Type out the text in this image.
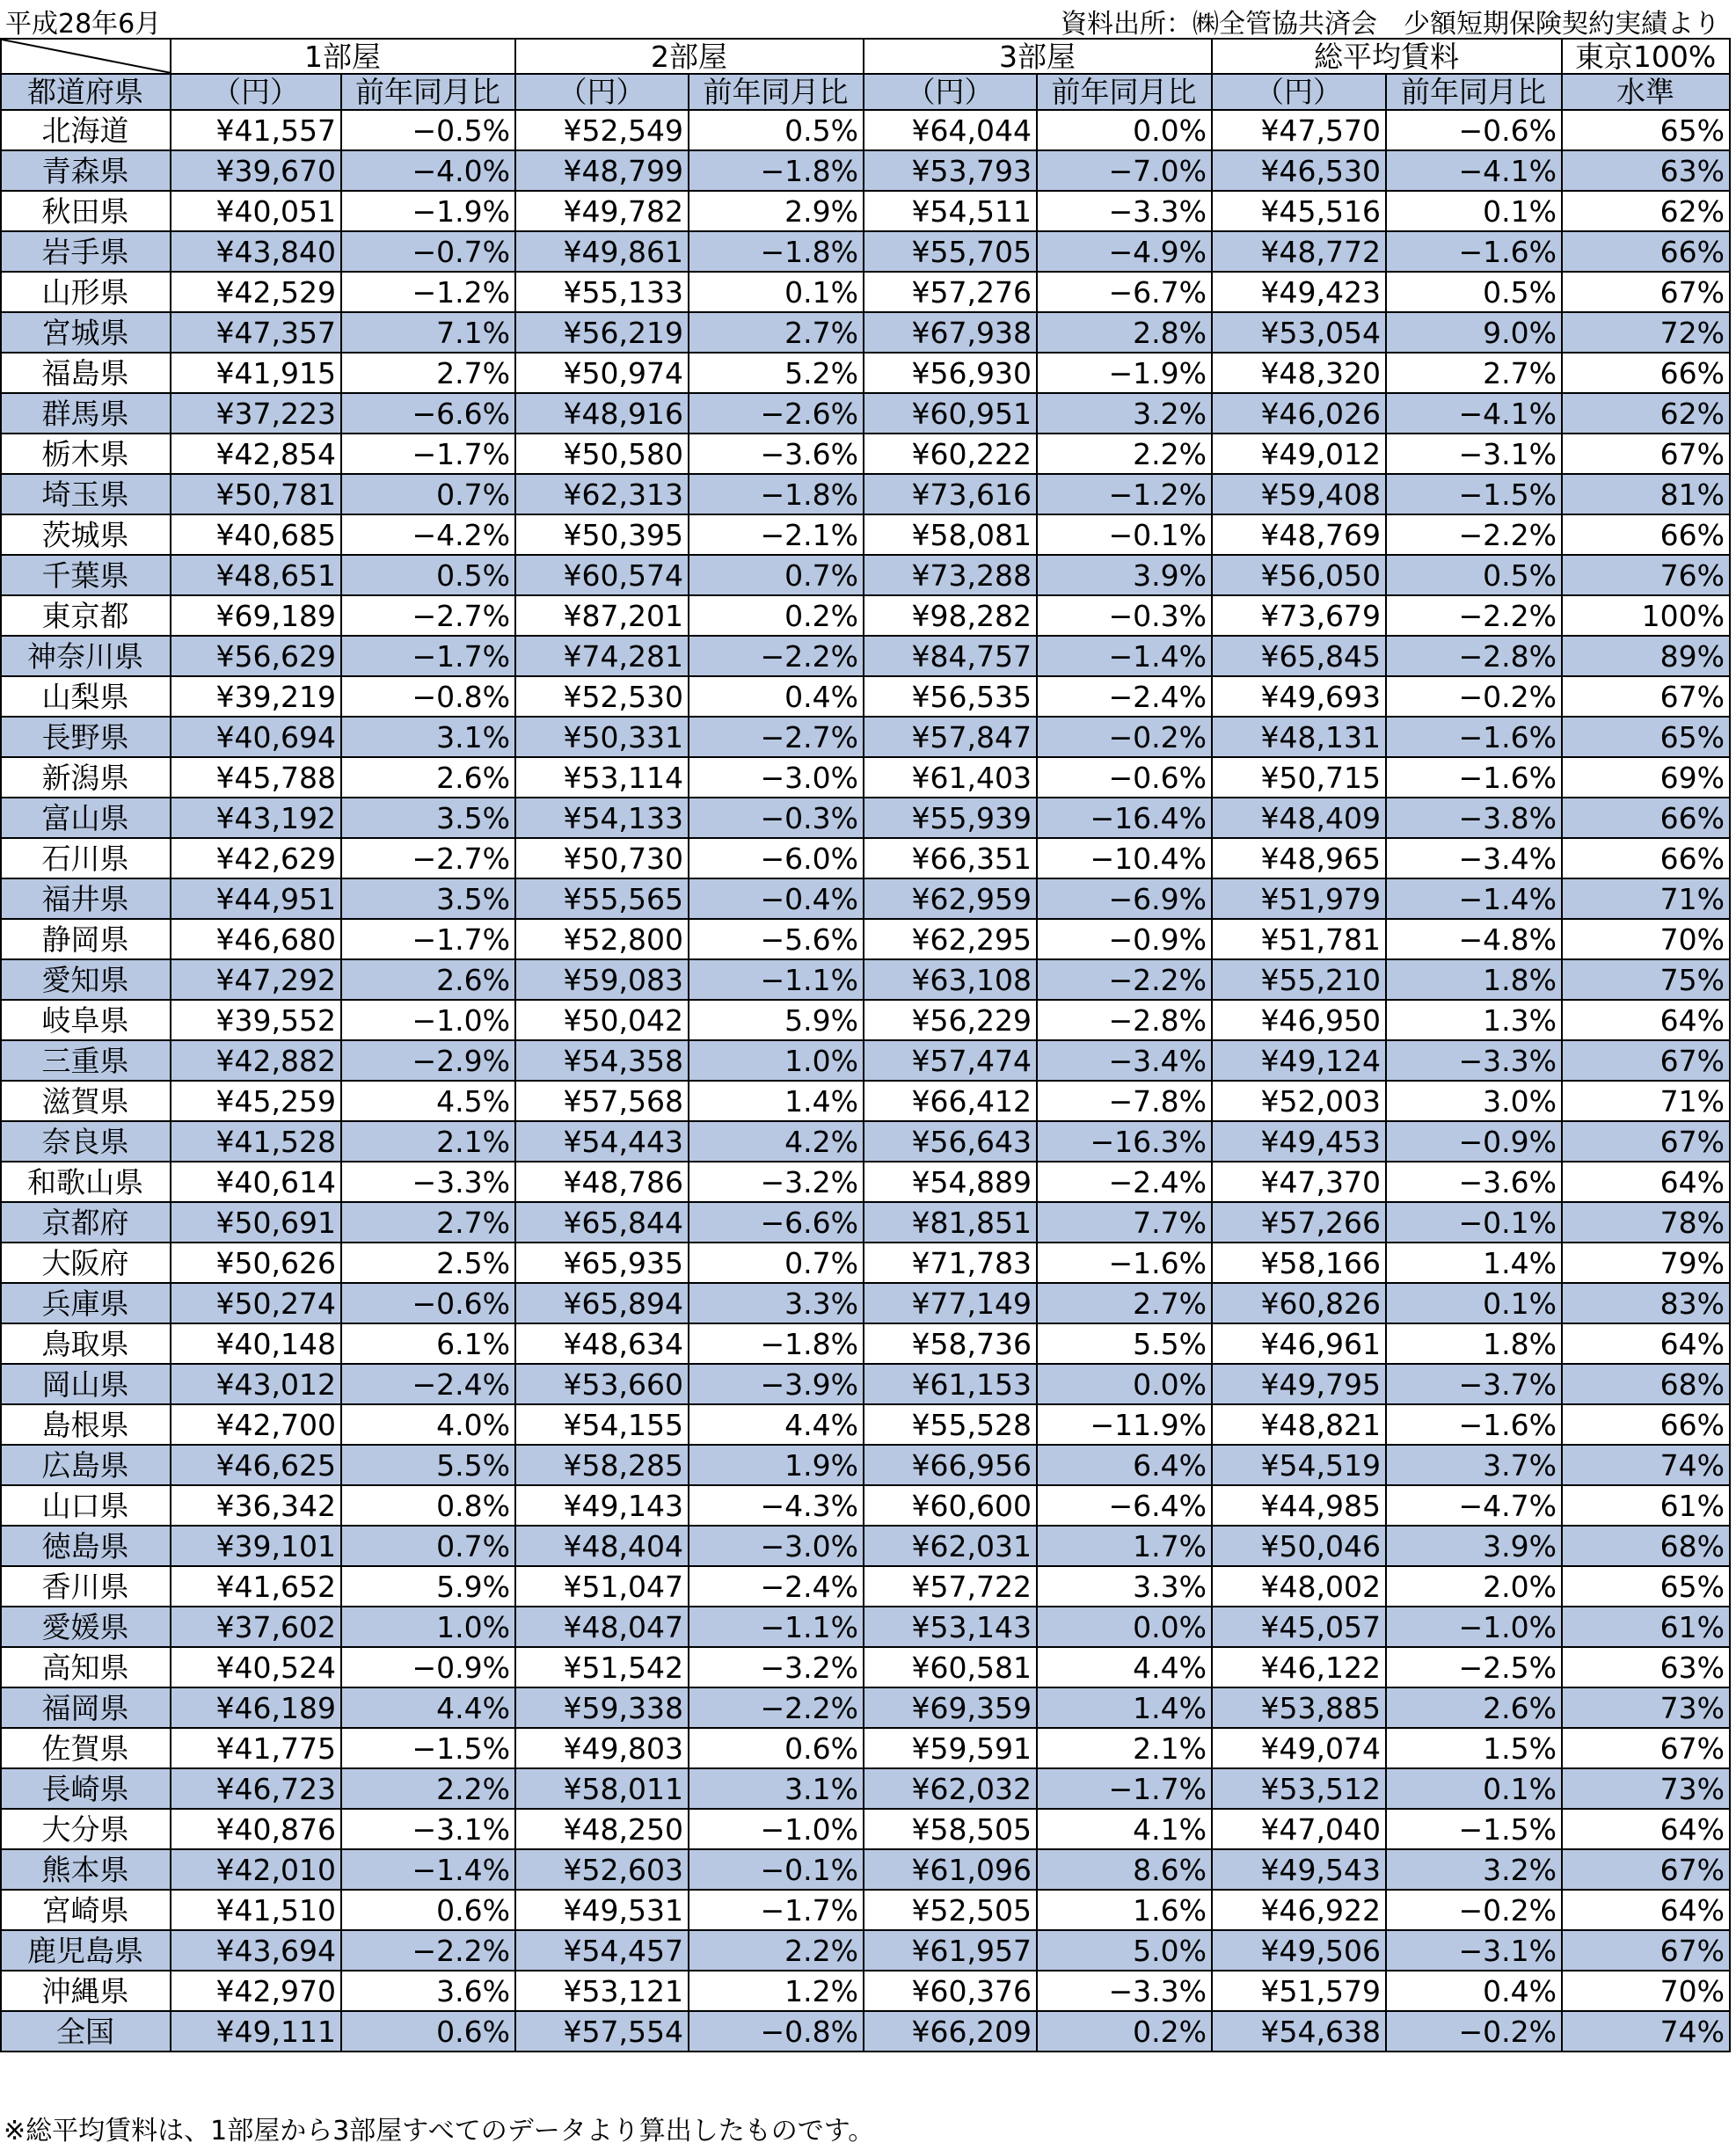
平成28年6月	資料出所：㈱全管協共済会　少額短期保険契約実績より
	1部屋		2部屋		3部屋		総平均賃料		東京100%
都道府県	（円）	前年同月比	（円）	前年同月比	（円）	前年同月比	（円）	前年同月比	水準
北海道	¥41,557	−0.5%	¥52,549	0.5%	¥64,044	0.0%	¥47,570	−0.6%	65%
青森県	¥39,670	−4.0%	¥48,799	−1.8%	¥53,793	−7.0%	¥46,530	−4.1%	63%
秋田県	¥40,051	−1.9%	¥49,782	2.9%	¥54,511	−3.3%	¥45,516	0.1%	62%
岩手県	¥43,840	−0.7%	¥49,861	−1.8%	¥55,705	−4.9%	¥48,772	−1.6%	66%
山形県	¥42,529	−1.2%	¥55,133	0.1%	¥57,276	−6.7%	¥49,423	0.5%	67%
宮城県	¥47,357	7.1%	¥56,219	2.7%	¥67,938	2.8%	¥53,054	9.0%	72%
福島県	¥41,915	2.7%	¥50,974	5.2%	¥56,930	−1.9%	¥48,320	2.7%	66%
群馬県	¥37,223	−6.6%	¥48,916	−2.6%	¥60,951	3.2%	¥46,026	−4.1%	62%
栃木県	¥42,854	−1.7%	¥50,580	−3.6%	¥60,222	2.2%	¥49,012	−3.1%	67%
埼玉県	¥50,781	0.7%	¥62,313	−1.8%	¥73,616	−1.2%	¥59,408	−1.5%	81%
茨城県	¥40,685	−4.2%	¥50,395	−2.1%	¥58,081	−0.1%	¥48,769	−2.2%	66%
千葉県	¥48,651	0.5%	¥60,574	0.7%	¥73,288	3.9%	¥56,050	0.5%	76%
東京都	¥69,189	−2.7%	¥87,201	0.2%	¥98,282	−0.3%	¥73,679	−2.2%	100%
神奈川県	¥56,629	−1.7%	¥74,281	−2.2%	¥84,757	−1.4%	¥65,845	−2.8%	89%
山梨県	¥39,219	−0.8%	¥52,530	0.4%	¥56,535	−2.4%	¥49,693	−0.2%	67%
長野県	¥40,694	3.1%	¥50,331	−2.7%	¥57,847	−0.2%	¥48,131	−1.6%	65%
新潟県	¥45,788	2.6%	¥53,114	−3.0%	¥61,403	−0.6%	¥50,715	−1.6%	69%
富山県	¥43,192	3.5%	¥54,133	−0.3%	¥55,939	−16.4%	¥48,409	−3.8%	66%
石川県	¥42,629	−2.7%	¥50,730	−6.0%	¥66,351	−10.4%	¥48,965	−3.4%	66%
福井県	¥44,951	3.5%	¥55,565	−0.4%	¥62,959	−6.9%	¥51,979	−1.4%	71%
静岡県	¥46,680	−1.7%	¥52,800	−5.6%	¥62,295	−0.9%	¥51,781	−4.8%	70%
愛知県	¥47,292	2.6%	¥59,083	−1.1%	¥63,108	−2.2%	¥55,210	1.8%	75%
岐阜県	¥39,552	−1.0%	¥50,042	5.9%	¥56,229	−2.8%	¥46,950	1.3%	64%
三重県	¥42,882	−2.9%	¥54,358	1.0%	¥57,474	−3.4%	¥49,124	−3.3%	67%
滋賀県	¥45,259	4.5%	¥57,568	1.4%	¥66,412	−7.8%	¥52,003	3.0%	71%
奈良県	¥41,528	2.1%	¥54,443	4.2%	¥56,643	−16.3%	¥49,453	−0.9%	67%
和歌山県	¥40,614	−3.3%	¥48,786	−3.2%	¥54,889	−2.4%	¥47,370	−3.6%	64%
京都府	¥50,691	2.7%	¥65,844	−6.6%	¥81,851	7.7%	¥57,266	−0.1%	78%
大阪府	¥50,626	2.5%	¥65,935	0.7%	¥71,783	−1.6%	¥58,166	1.4%	79%
兵庫県	¥50,274	−0.6%	¥65,894	3.3%	¥77,149	2.7%	¥60,826	0.1%	83%
鳥取県	¥40,148	6.1%	¥48,634	−1.8%	¥58,736	5.5%	¥46,961	1.8%	64%
岡山県	¥43,012	−2.4%	¥53,660	−3.9%	¥61,153	0.0%	¥49,795	−3.7%	68%
島根県	¥42,700	4.0%	¥54,155	4.4%	¥55,528	−11.9%	¥48,821	−1.6%	66%
広島県	¥46,625	5.5%	¥58,285	1.9%	¥66,956	6.4%	¥54,519	3.7%	74%
山口県	¥36,342	0.8%	¥49,143	−4.3%	¥60,600	−6.4%	¥44,985	−4.7%	61%
徳島県	¥39,101	0.7%	¥48,404	−3.0%	¥62,031	1.7%	¥50,046	3.9%	68%
香川県	¥41,652	5.9%	¥51,047	−2.4%	¥57,722	3.3%	¥48,002	2.0%	65%
愛媛県	¥37,602	1.0%	¥48,047	−1.1%	¥53,143	0.0%	¥45,057	−1.0%	61%
高知県	¥40,524	−0.9%	¥51,542	−3.2%	¥60,581	4.4%	¥46,122	−2.5%	63%
福岡県	¥46,189	4.4%	¥59,338	−2.2%	¥69,359	1.4%	¥53,885	2.6%	73%
佐賀県	¥41,775	−1.5%	¥49,803	0.6%	¥59,591	2.1%	¥49,074	1.5%	67%
長崎県	¥46,723	2.2%	¥58,011	3.1%	¥62,032	−1.7%	¥53,512	0.1%	73%
大分県	¥40,876	−3.1%	¥48,250	−1.0%	¥58,505	4.1%	¥47,040	−1.5%	64%
熊本県	¥42,010	−1.4%	¥52,603	−0.1%	¥61,096	8.6%	¥49,543	3.2%	67%
宮崎県	¥41,510	0.6%	¥49,531	−1.7%	¥52,505	1.6%	¥46,922	−0.2%	64%
鹿児島県	¥43,694	−2.2%	¥54,457	2.2%	¥61,957	5.0%	¥49,506	−3.1%	67%
沖縄県	¥42,970	3.6%	¥53,121	1.2%	¥60,376	−3.3%	¥51,579	0.4%	70%
全国	¥49,111	0.6%	¥57,554	−0.8%	¥66,209	0.2%	¥54,638	−0.2%	74%
※総平均賃料は、1部屋から3部屋すべてのデータより算出したものです。
